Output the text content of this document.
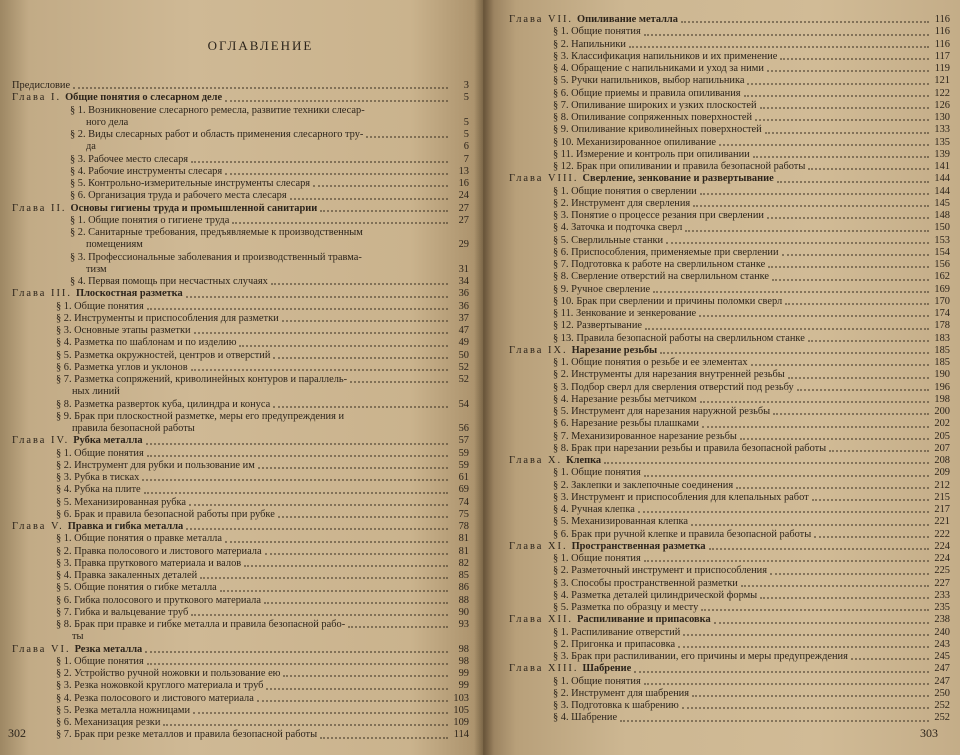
ОГЛАВЛЕНИЕ
Предисловие	3
Глава I. Общие понятия о слесарном деле	5
§ 1. Возникновение слесарного ремесла, развитие техники слесар-
ного дела	5
§ 2. Виды слесарных работ и область применения слесарного тру-	5
да	6
§ 3. Рабочее место слесаря	7
§ 4. Рабочие инструменты слесаря	13
§ 5. Контрольно-измерительные инструменты слесаря	16
§ 6. Организация труда и рабочего места слесаря	24
Глава II. Основы гигиены труда и промышленной санитарии	27
§ 1. Общие понятия о гигиене труда	27
§ 2. Санитарные требования, предъявляемые к производственным
помещениям	29
§ 3. Профессиональные заболевания и производственный травма-
тизм	31
§ 4. Первая помощь при несчастных случаях	34
Глава III. Плоскостная разметка	36
§ 1. Общие понятия	36
§ 2. Инструменты и приспособления для разметки	37
§ 3. Основные этапы разметки	47
§ 4. Разметка по шаблонам и по изделию	49
§ 5. Разметка окружностей, центров и отверстий	50
§ 6. Разметка углов и уклонов	52
§ 7. Разметка сопряжений, криволинейных контуров и параллель-	52
ных линий
§ 8. Разметка разверток куба, цилиндра и конуса	54
§ 9. Брак при плоскостной разметке, меры его предупреждения и
правила безопасной работы	56
Глава IV. Рубка металла	57
§ 1. Общие понятия	59
§ 2. Инструмент для рубки и пользование им	59
§ 3. Рубка в тисках	61
§ 4. Рубка на плите	69
§ 5. Механизированная рубка	74
§ 6. Брак и правила безопасной работы при рубке	75
Глава V. Правка и гибка металла	78
§ 1. Общие понятия о правке металла	81
§ 2. Правка полосового и листового материала	81
§ 3. Правка пруткового материала и валов	82
§ 4. Правка закаленных деталей	85
§ 5. Общие понятия о гибке металла	86
§ 6. Гибка полосового и пруткового материала	88
§ 7. Гибка и вальцевание труб	90
§ 8. Брак при правке и гибке металла и правила безопасной рабо-	93
ты
Глава VI. Резка металла	98
§ 1. Общие понятия	98
§ 2. Устройство ручной ножовки и пользование ею	99
§ 3. Резка ножовкой круглого материала и труб	99
§ 4. Резка полосового и листового материала	103
§ 5. Резка металла ножницами	105
§ 6. Механизация резки	109
§ 7. Брак при резке металлов и правила безопасной работы	114
302
Глава VII. Опиливание металла	116
§ 1. Общие понятия	116
§ 2. Напильники	116
§ 3. Классификация напильников и их применение	117
§ 4. Обращение с напильниками и уход за ними	119
§ 5. Ручки напильников, выбор напильника	121
§ 6. Общие приемы и правила опиливания	122
§ 7. Опиливание широких и узких плоскостей	126
§ 8. Опиливание сопряженных поверхностей	130
§ 9. Опиливание криволинейных поверхностей	133
§ 10. Механизированное опиливание	135
§ 11. Измерение и контроль при опиливании	139
§ 12. Брак при опиливании и правила безопасной работы	141
Глава VIII. Сверление, зенкование и развертывание	144
§ 1. Общие понятия о сверлении	144
§ 2. Инструмент для сверления	145
§ 3. Понятие о процессе резания при сверлении	148
§ 4. Заточка и подточка сверл	150
§ 5. Сверлильные станки	153
§ 6. Приспособления, применяемые при сверлении	154
§ 7. Подготовка к работе на сверлильном станке	156
§ 8. Сверление отверстий на сверлильном станке	162
§ 9. Ручное сверление	169
§ 10. Брак при сверлении и причины поломки сверл	170
§ 11. Зенкование и зенкерование	174
§ 12. Развертывание	178
§ 13. Правила безопасной работы на сверлильном станке	183
Глава IX. Нарезание резьбы	185
§ 1. Общие понятия о резьбе и ее элементах	185
§ 2. Инструменты для нарезания внутренней резьбы	190
§ 3. Подбор сверл для сверления отверстий под резьбу	196
§ 4. Нарезание резьбы метчиком	198
§ 5. Инструмент для нарезания наружной резьбы	200
§ 6. Нарезание резьбы плашками	202
§ 7. Механизированное нарезание резьбы	205
§ 8. Брак при нарезании резьбы и правила безопасной работы	207
Глава X. Клепка	208
§ 1. Общие понятия	209
§ 2. Заклепки и заклепочные соединения	212
§ 3. Инструмент и приспособления для клепальных работ	215
§ 4. Ручная клепка	217
§ 5. Механизированная клепка	221
§ 6. Брак при ручной клепке и правила безопасной работы	222
Глава XI. Пространственная разметка	224
§ 1. Общие понятия	224
§ 2. Разметочный инструмент и приспособления	225
§ 3. Способы пространственной разметки	227
§ 4. Разметка деталей цилиндрической формы	233
§ 5. Разметка по образцу и месту	235
Глава XII. Распиливание и припасовка	238
§ 1. Распиливание отверстий	240
§ 2. Пригонка и припасовка	243
§ 3. Брак при распиливании, его причины и меры предупреждения	245
Глава XIII. Шабрение	247
§ 1. Общие понятия	247
§ 2. Инструмент для шабрения	250
§ 3. Подготовка к шабрению	252
§ 4. Шабрение	252
303
